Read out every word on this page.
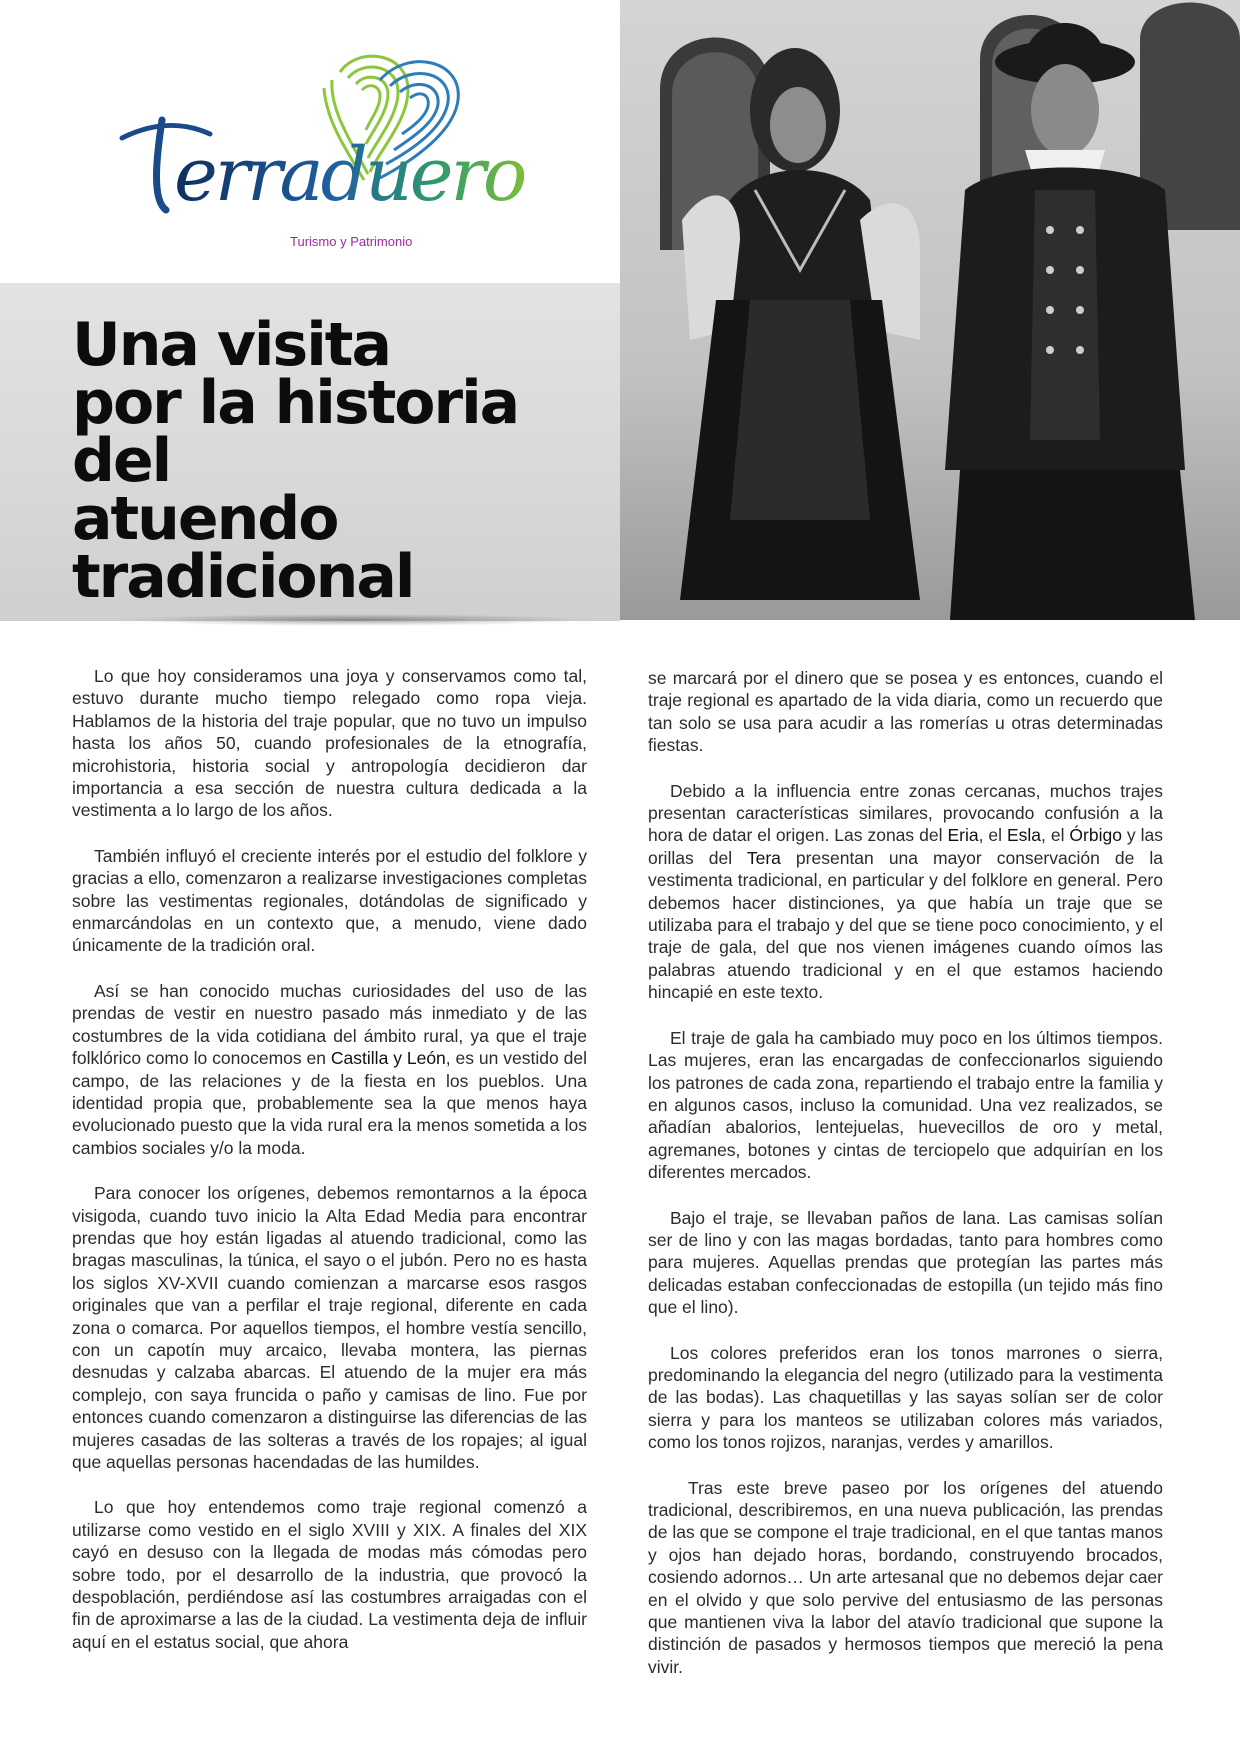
erraduero
Turismo y Patrimonio
Una visita
por la historia del
atuendo
tradicional

Lo que hoy consideramos una joya y conservamos como tal, estuvo durante mucho tiempo relegado como ropa vieja. Hablamos de la historia del traje popular, que no tuvo un impulso hasta los años 50, cuando profesionales de la etnografía, microhistoria, historia social y antropología decidieron dar importancia a esa sección de nuestra cultura dedicada a la vestimenta a lo largo de los años.

También influyó el creciente interés por el estudio del folklore y gracias a ello, comenzaron a realizarse investigaciones completas sobre las vestimentas regionales, dotándolas de significado y enmarcándolas en un contexto que, a menudo, viene dado únicamente de la tradición oral.

Así se han conocido muchas curiosidades del uso de las prendas de vestir en nuestro pasado más inmediato y de las costumbres de la vida cotidiana del ámbito rural, ya que el traje folklórico como lo conocemos en Castilla y León, es un vestido del campo, de las relaciones y de la fiesta en los pueblos. Una identidad propia que, probablemente sea la que menos haya evolucionado puesto que la vida rural era la menos sometida a los cambios sociales y/o la moda.

Para conocer los orígenes, debemos remontarnos a la época visigoda, cuando tuvo inicio la Alta Edad Media para encontrar prendas que hoy están ligadas al atuendo tradicional, como las bragas masculinas, la túnica, el sayo o el jubón. Pero no es hasta los siglos XV-XVII cuando comienzan a marcarse esos rasgos originales que van a perfilar el traje regional, diferente en cada zona o comarca. Por aquellos tiempos, el hombre vestía sencillo, con un capotín muy arcaico, llevaba montera, las piernas desnudas y calzaba abarcas. El atuendo de la mujer era más complejo, con saya fruncida o paño y camisas de lino. Fue por entonces cuando comenzaron a distinguirse las diferencias de las mujeres casadas de las solteras a través de los ropajes; al igual que aquellas personas hacendadas de las humildes.

Lo que hoy entendemos como traje regional comenzó a utilizarse como vestido en el siglo XVIII y XIX. A finales del XIX cayó en desuso con la llegada de modas más cómodas pero sobre todo, por el desarrollo de la industria, que provocó la despoblación, perdiéndose así las costumbres arraigadas con el fin de aproximarse a las de la ciudad. La vestimenta deja de influir aquí en el estatus social, que ahora

se marcará por el dinero que se posea y es entonces, cuando el traje regional es apartado de la vida diaria, como un recuerdo que tan solo se usa para acudir a las romerías u otras determinadas fiestas.

Debido a la influencia entre zonas cercanas, muchos trajes presentan características similares, provocando confusión a la hora de datar el origen. Las zonas del Eria, el Esla, el Órbigo y las orillas del Tera presentan una mayor conservación de la vestimenta tradicional, en particular y del folklore en general. Pero debemos hacer distinciones, ya que había un traje que se utilizaba para el trabajo y del que se tiene poco conocimiento, y el traje de gala, del que nos vienen imágenes cuando oímos las palabras atuendo tradicional y en el que estamos haciendo hincapié en este texto.

El traje de gala ha cambiado muy poco en los últimos tiempos. Las mujeres, eran las encargadas de confeccionarlos siguiendo los patrones de cada zona, repartiendo el trabajo entre la familia y en algunos casos, incluso la comunidad. Una vez realizados, se añadían abalorios, lentejuelas, huevecillos de oro y metal, agremanes, botones y cintas de terciopelo que adquirían en los diferentes mercados.

Bajo el traje, se llevaban paños de lana. Las camisas solían ser de lino y con las magas bordadas, tanto para hombres como para mujeres. Aquellas prendas que protegían las partes más delicadas estaban confeccionadas de estopilla (un tejido más fino que el lino).

Los colores preferidos eran los tonos marrones o sierra, predominando la elegancia del negro (utilizado para la vestimenta de las bodas). Las chaquetillas y las sayas solían ser de color sierra y para los manteos se utilizaban colores más variados, como los tonos rojizos, naranjas, verdes y amarillos.

Tras este breve paseo por los orígenes del atuendo tradicional, describiremos, en una nueva publicación, las prendas de las que se compone el traje tradicional, en el que tantas manos y ojos han dejado horas, bordando, construyendo brocados, cosiendo adornos… Un arte artesanal que no debemos dejar caer en el olvido y que solo pervive del entusiasmo de las personas que mantienen viva la labor del atavío tradicional que supone la distinción de pasados y hermosos tiempos que mereció la pena vivir.
